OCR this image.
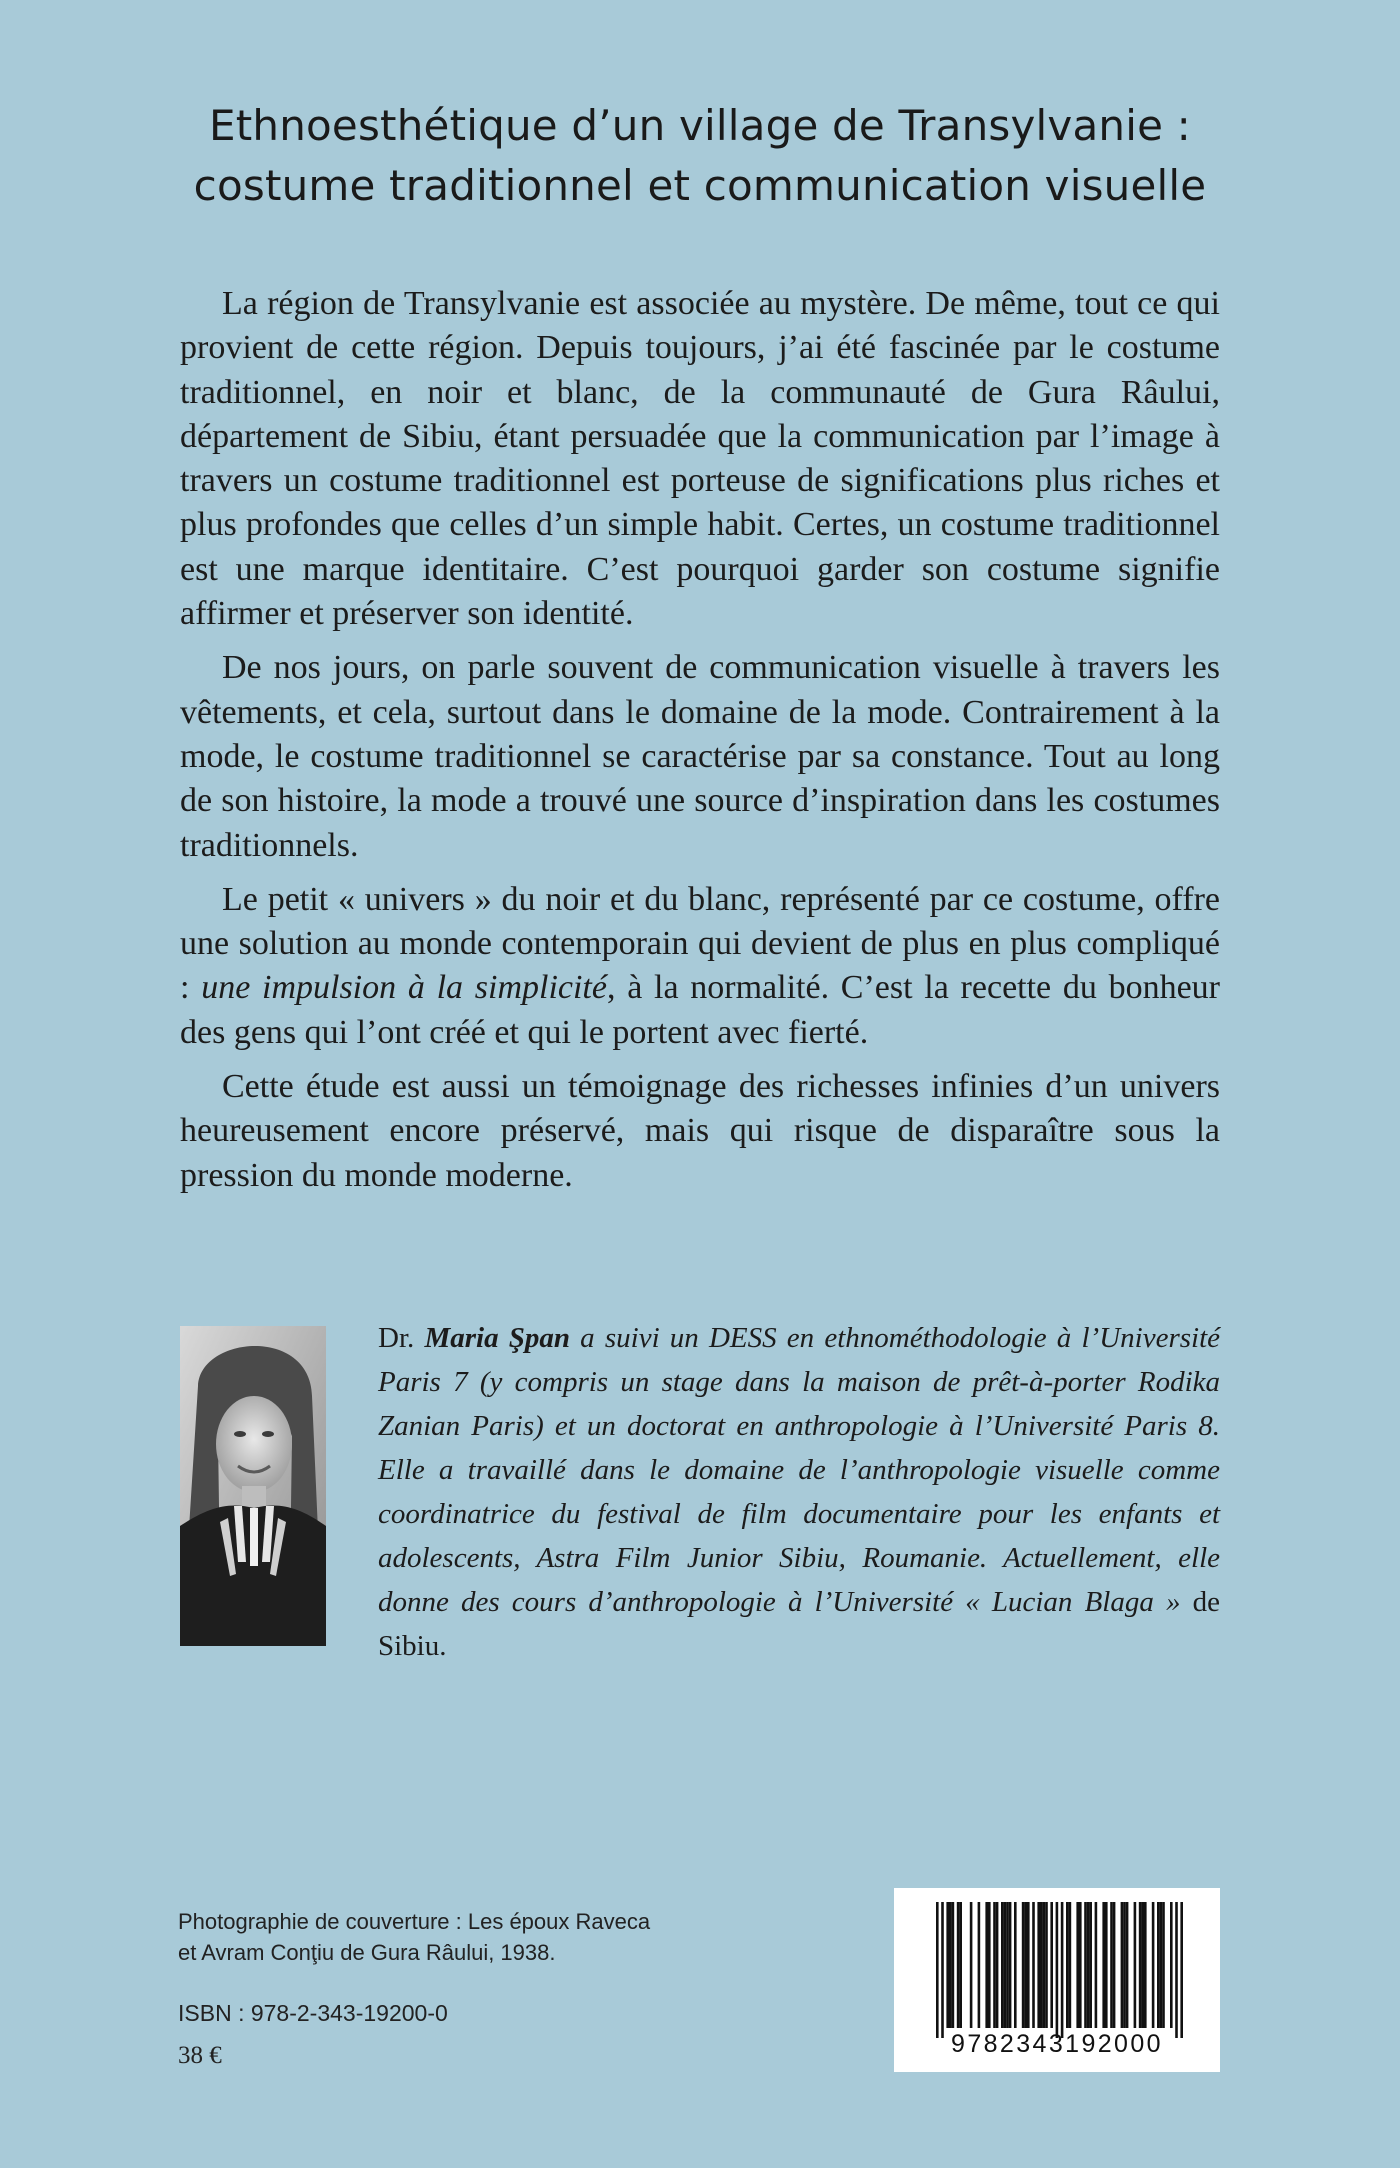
Ethnoesthétique d’un village de Transylvanie :
costume traditionnel et communication visuelle

La région de Transylvanie est associée au mystère. De même, tout ce qui provient de cette région. Depuis toujours, j’ai été fascinée par le costume traditionnel, en noir et blanc, de la communauté de Gura Râului, département de Sibiu, étant persuadée que la communication par l’image à travers un costume traditionnel est porteuse de significations plus riches et plus profondes que celles d’un simple habit. Certes, un costume traditionnel est une marque identitaire. C’est pourquoi garder son costume signifie affirmer et préserver son identité.

De nos jours, on parle souvent de communication visuelle à travers les vêtements, et cela, surtout dans le domaine de la mode. Contrairement à la mode, le costume traditionnel se caractérise par sa constance. Tout au long de son histoire, la mode a trouvé une source d’inspiration dans les costumes traditionnels.

Le petit « univers » du noir et du blanc, représenté par ce costume, offre une solution au monde contemporain qui devient de plus en plus compliqué : une impulsion à la simplicité, à la normalité. C’est la recette du bonheur des gens qui l’ont créé et qui le portent avec fierté.

Cette étude est aussi un témoignage des richesses infinies d’un univers heureusement encore préservé, mais qui risque de disparaître sous la pression du monde moderne.

Dr. Maria Şpan a suivi un DESS en ethnométhodologie à l’Université Paris 7 (y compris un stage dans la maison de prêt-à-porter Rodika Zanian Paris) et un doctorat en anthropologie à l’Université Paris 8. Elle a travaillé dans le domaine de l’anthropologie visuelle comme coordinatrice du festival de film documentaire pour les enfants et adolescents, Astra Film Junior Sibiu, Roumanie. Actuellement, elle donne des cours d’anthropologie à l’Université « Lucian Blaga » de Sibiu.
Photographie de couverture : Les époux Raveca
et Avram Conţiu de Gura Râului, 1938.
ISBN : 978-2-343-19200-0
38 €	9782343192000
